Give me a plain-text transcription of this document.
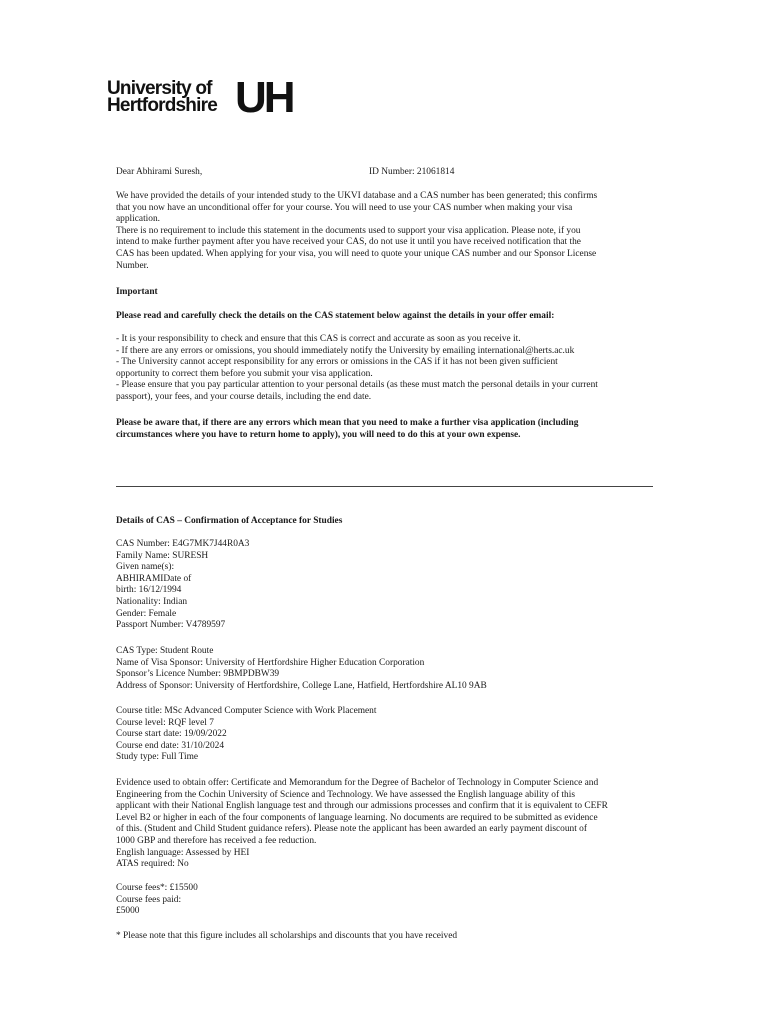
University of
Hertfordshire UH
Dear Abhirami Suresh,	ID Number: 21061814
We have provided the details of your intended study to the UKVI database and a CAS number has been generated; this confirms
that you now have an unconditional offer for your course. You will need to use your CAS number when making your visa
application.
There is no requirement to include this statement in the documents used to support your visa application. Please note, if you
intend to make further payment after you have received your CAS, do not use it until you have received notification that the
CAS has been updated. When applying for your visa, you will need to quote your unique CAS number and our Sponsor License
Number.
Important
Please read and carefully check the details on the CAS statement below against the details in your offer email:
- It is your responsibility to check and ensure that this CAS is correct and accurate as soon as you receive it.
- If there are any errors or omissions, you should immediately notify the University by emailing international@herts.ac.uk
- The University cannot accept responsibility for any errors or omissions in the CAS if it has not been given sufficient
opportunity to correct them before you submit your visa application.
- Please ensure that you pay particular attention to your personal details (as these must match the personal details in your current
passport), your fees, and your course details, including the end date.
Please be aware that, if there are any errors which mean that you need to make a further visa application (including
circumstances where you have to return home to apply), you will need to do this at your own expense.
Details of CAS – Confirmation of Acceptance for Studies
CAS Number: E4G7MK7J44R0A3
Family Name: SURESH
Given name(s):
ABHIRAMIDate of
birth: 16/12/1994
Nationality: Indian
Gender: Female
Passport Number: V4789597
CAS Type: Student Route
Name of Visa Sponsor: University of Hertfordshire Higher Education Corporation
Sponsor’s Licence Number: 9BMPDBW39
Address of Sponsor: University of Hertfordshire, College Lane, Hatfield, Hertfordshire AL10 9AB
Course title: MSc Advanced Computer Science with Work Placement
Course level: RQF level 7
Course start date: 19/09/2022
Course end date: 31/10/2024
Study type: Full Time
Evidence used to obtain offer: Certificate and Memorandum for the Degree of Bachelor of Technology in Computer Science and
Engineering from the Cochin University of Science and Technology. We have assessed the English language ability of this
applicant with their National English language test and through our admissions processes and confirm that it is equivalent to CEFR
Level B2 or higher in each of the four components of language learning. No documents are required to be submitted as evidence
of this. (Student and Child Student guidance refers). Please note the applicant has been awarded an early payment discount of
1000 GBP and therefore has received a fee reduction.
English language: Assessed by HEI
ATAS required: No
Course fees*: £15500
Course fees paid:
£5000
* Please note that this figure includes all scholarships and discounts that you have received
